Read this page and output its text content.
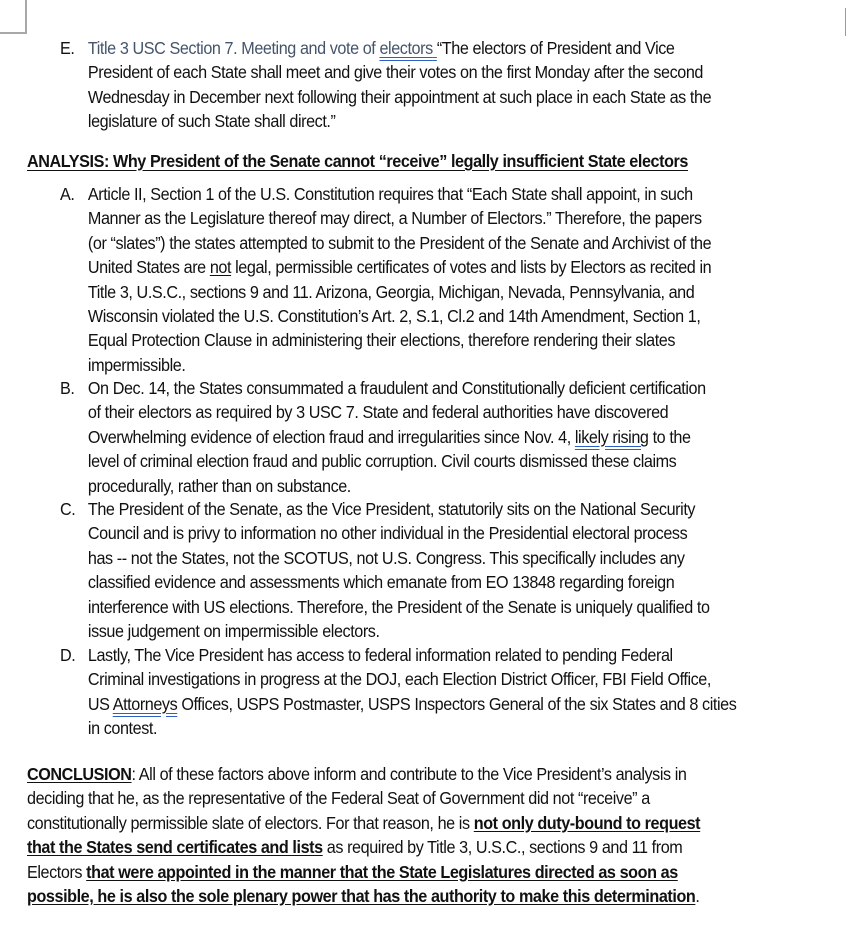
E. Title 3 USC Section 7. Meeting and vote of electors “The electors of President and Vice
President of each State shall meet and give their votes on the first Monday after the second
Wednesday in December next following their appointment at such place in each State as the
legislature of such State shall direct.”
ANALYSIS: Why President of the Senate cannot “receive” legally insufficient State electors
A. Article II, Section 1 of the U.S. Constitution requires that “Each State shall appoint, in such
Manner as the Legislature thereof may direct, a Number of Electors.” Therefore, the papers
(or “slates”) the states attempted to submit to the President of the Senate and Archivist of the
United States are not legal, permissible certificates of votes and lists by Electors as recited in
Title 3, U.S.C., sections 9 and 11. Arizona, Georgia, Michigan, Nevada, Pennsylvania, and
Wisconsin violated the U.S. Constitution’s Art. 2, S.1, Cl.2 and 14th Amendment, Section 1,
Equal Protection Clause in administering their elections, therefore rendering their slates
impermissible.
B. On Dec. 14, the States consummated a fraudulent and Constitutionally deficient certification
of their electors as required by 3 USC 7. State and federal authorities have discovered
Overwhelming evidence of election fraud and irregularities since Nov. 4, likely rising to the
level of criminal election fraud and public corruption. Civil courts dismissed these claims
procedurally, rather than on substance.
C. The President of the Senate, as the Vice President, statutorily sits on the National Security
Council and is privy to information no other individual in the Presidential electoral process
has -- not the States, not the SCOTUS, not U.S. Congress. This specifically includes any
classified evidence and assessments which emanate from EO 13848 regarding foreign
interference with US elections. Therefore, the President of the Senate is uniquely qualified to
issue judgement on impermissible electors.
D. Lastly, The Vice President has access to federal information related to pending Federal
Criminal investigations in progress at the DOJ, each Election District Officer, FBI Field Office,
US Attorneys Offices, USPS Postmaster, USPS Inspectors General of the six States and 8 cities
in contest.
CONCLUSION: All of these factors above inform and contribute to the Vice President’s analysis in
deciding that he, as the representative of the Federal Seat of Government did not “receive” a
constitutionally permissible slate of electors. For that reason, he is not only duty-bound to request
that the States send certificates and lists as required by Title 3, U.S.C., sections 9 and 11 from
Electors that were appointed in the manner that the State Legislatures directed as soon as
possible, he is also the sole plenary power that has the authority to make this determination.
